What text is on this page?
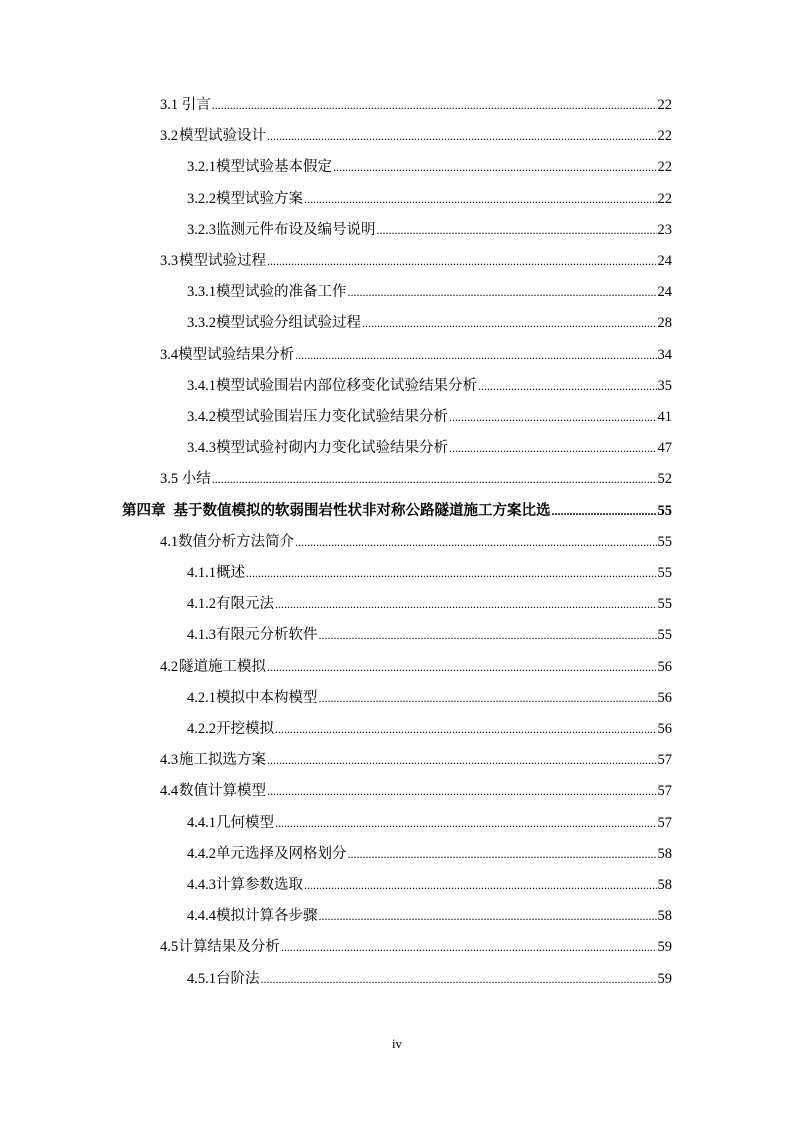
3.1 引言 .....	22
3.2 模型试验设计 .....	22
3.2.1 模型试验基本假定 .....	22
3.2.2 模型试验方案 .....	22
3.2.3 监测元件布设及编号说明 .....	23
3.3 模型试验过程 .....	24
3.3.1 模型试验的准备工作 .....	24
3.3.2 模型试验分组试验过程 .....	28
3.4 模型试验结果分析 .....	34
3.4.1 模型试验围岩内部位移变化试验结果分析 .....	35
3.4.2 模型试验围岩压力变化试验结果分析 .....	41
3.4.3 模型试验衬砌内力变化试验结果分析 .....	47
3.5 小结 .....	52
第四章 基于数值模拟的软弱围岩性状非对称公路隧道施工方案比选 .....	55
4.1 数值分析方法简介 .....	55
4.1.1 概述 .....	55
4.1.2 有限元法 .....	55
4.1.3 有限元分析软件 .....	55
4.2 隧道施工模拟 .....	56
4.2.1 模拟中本构模型 .....	56
4.2.2 开挖模拟 .....	56
4.3 施工拟选方案 .....	57
4.4 数值计算模型 .....	57
4.4.1 几何模型 .....	57
4.4.2 单元选择及网格划分 .....	58
4.4.3 计算参数选取 .....	58
4.4.4 模拟计算各步骤 .....	58
4.5 计算结果及分析 .....	59
4.5.1 台阶法 .....	59
iv
